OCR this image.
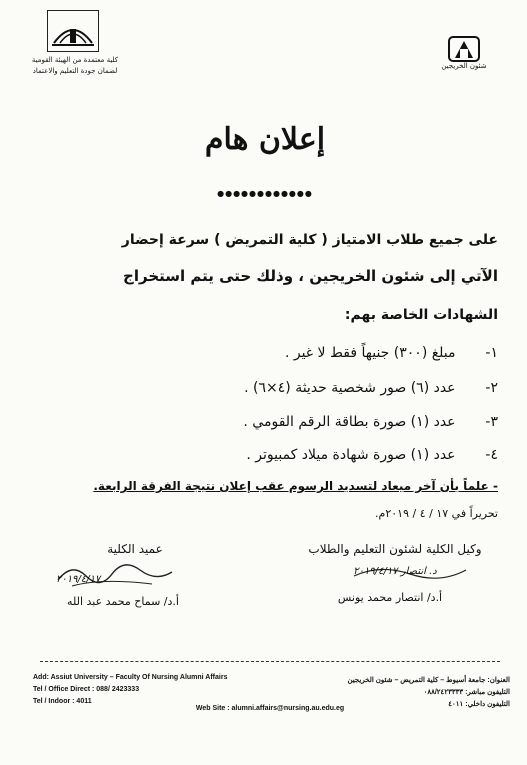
كلية معتمدة من الهيئة القومية
لضمان جودة التعليم والاعتماد
شئون الخريجين
إعلان هام
●●●●●●●●●●●●
على جميع طلاب الامتياز ( كلية التمريض ) سرعة إحضار
الآتي إلى شئون الخريجين ، وذلك حتى يتم استخراج
الشهادات الخاصة بهم:
١- مبلغ (٣٠٠) جنيهاً فقط لا غير .
٢- عدد (٦) صور شخصية حديثة (٤×٦) .
٣- عدد (١) صورة بطاقة الرقم القومي .
٤- عدد (١) صورة شهادة ميلاد كمبيوتر .
- علماً بأن آخر ميعاد لتسديد الرسوم عقب إعلان نتيجة الفرقة الرابعة.
تحريراً في ١٧ / ٤ / ٢٠١٩م.
عميد الكلية
٢٠١٩/٤/١٧
أ.د/ سماح محمد عبد الله
وكيل الكلية لشئون التعليم والطلاب
د. انتصار ٢٠١٩/٤/١٧
أ.د/ انتصار محمد يونس
Add: Assiut University – Faculty Of Nursing Alumni Affairs
Tel / Office Direct : 088/ 2423333
Tel / Indoor : 4011
العنوان: جامعة أسيوط – كلية التمريض – شئون الخريجين
التليفون مباشر: ٠٨٨/٢٤٢٣٣٣٣
التليفون داخلي: ٤٠١١
Web Site : alumni.affairs@nursing.au.edu.eg
